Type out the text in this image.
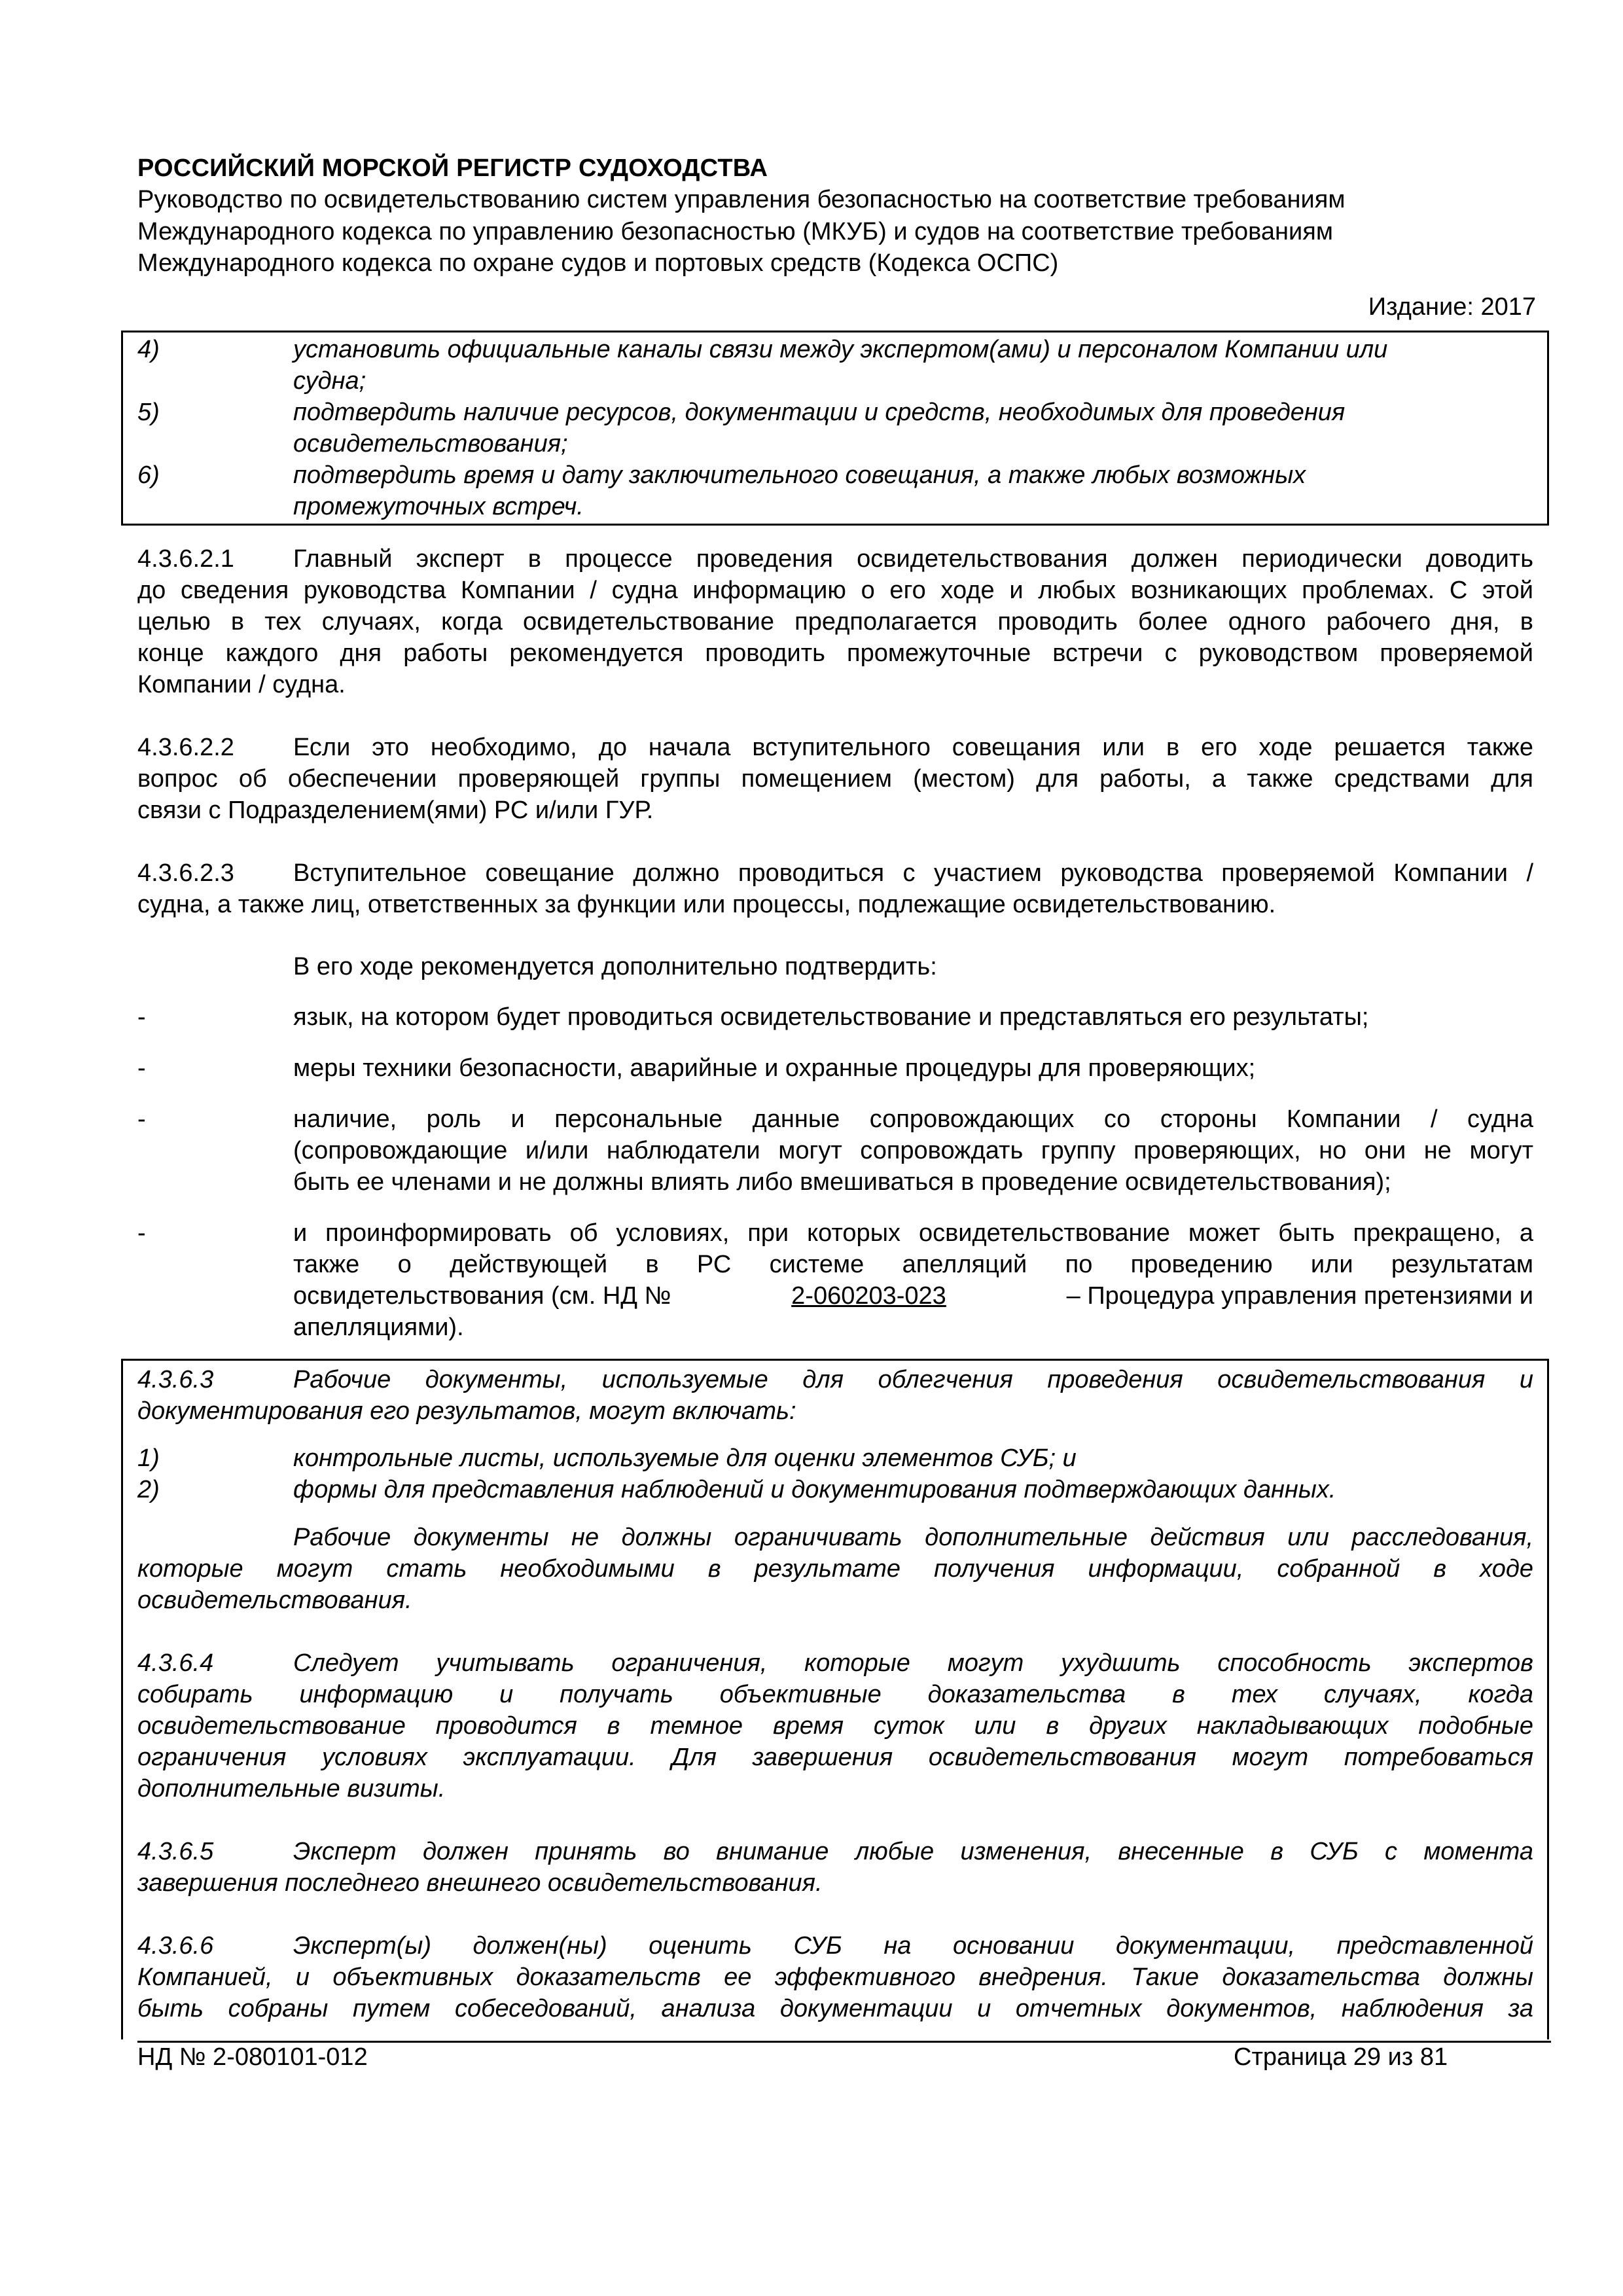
РОССИЙСКИЙ МОРСКОЙ РЕГИСТР СУДОХОДСТВА
Руководство по освидетельствованию систем управления безопасностью на соответствие требованиям
Международного кодекса по управлению безопасностью (МКУБ) и судов на соответствие требованиям
Международного кодекса по охране судов и портовых средств (Кодекса ОСПС)
Издание: 2017
4)	установить официальные каналы связи между экспертом(ами) и персоналом Компании или
судна;
5)	подтвердить наличие ресурсов, документации и средств, необходимых для проведения
освидетельствования;
6)	подтвердить время и дату заключительного совещания, а также любых возможных
промежуточных встреч.
4.3.6.2.1 Главный эксперт в процессе проведения освидетельствования должен периодически доводить
до сведения руководства Компании / судна информацию о его ходе и любых возникающих проблемах. С этой
целью в тех случаях, когда освидетельствование предполагается проводить более одного рабочего дня, в
конце каждого дня работы рекомендуется проводить промежуточные встречи с руководством проверяемой
Компании / судна.
4.3.6.2.2 Если это необходимо, до начала вступительного совещания или в его ходе решается также
вопрос об обеспечении проверяющей группы помещением (местом) для работы, а также средствами для
связи с Подразделением(ями) РС и/или ГУР.
4.3.6.2.3 Вступительное совещание должно проводиться с участием руководства проверяемой Компании /
судна, а также лиц, ответственных за функции или процессы, подлежащие освидетельствованию.
В его ходе рекомендуется дополнительно подтвердить:
-	язык, на котором будет проводиться освидетельствование и представляться его результаты;
-	меры техники безопасности, аварийные и охранные процедуры для проверяющих;
-	наличие, роль и персональные данные сопровождающих со стороны Компании / судна
(сопровождающие и/или наблюдатели могут сопровождать группу проверяющих, но они не могут
быть ее членами и не должны влиять либо вмешиваться в проведение освидетельствования);
-	и проинформировать об условиях, при которых освидетельствование может быть прекращено, а
также о действующей в РС системе апелляций по проведению или результатам
освидетельствования (см. НД №	2-060203-023	– Процедура управления претензиями и
апелляциями).
4.3.6.3	Рабочие документы, используемые для облегчения проведения освидетельствования и
документирования его результатов, могут включать:
1)	контрольные листы, используемые для оценки элементов СУБ; и
2)	формы для представления наблюдений и документирования подтверждающих данных.
Рабочие документы не должны ограничивать дополнительные действия или расследования,
которые могут стать необходимыми в результате получения информации, собранной в ходе
освидетельствования.
4.3.6.4	Следует учитывать ограничения, которые могут ухудшить способность экспертов
собирать информацию и получать объективные доказательства в тех случаях, когда
освидетельствование проводится в темное время суток или в других накладывающих подобные
ограничения условиях эксплуатации. Для завершения освидетельствования могут потребоваться
дополнительные визиты.
4.3.6.5	Эксперт должен принять во внимание любые изменения, внесенные в СУБ с момента
завершения последнего внешнего освидетельствования.
4.3.6.6	Эксперт(ы) должен(ны) оценить СУБ на основании документации, представленной
Компанией, и объективных доказательств ее эффективного внедрения. Такие доказательства должны
быть собраны путем собеседований, анализа документации и отчетных документов, наблюдения за
НД № 2-080101-012	Страница 29 из 81
